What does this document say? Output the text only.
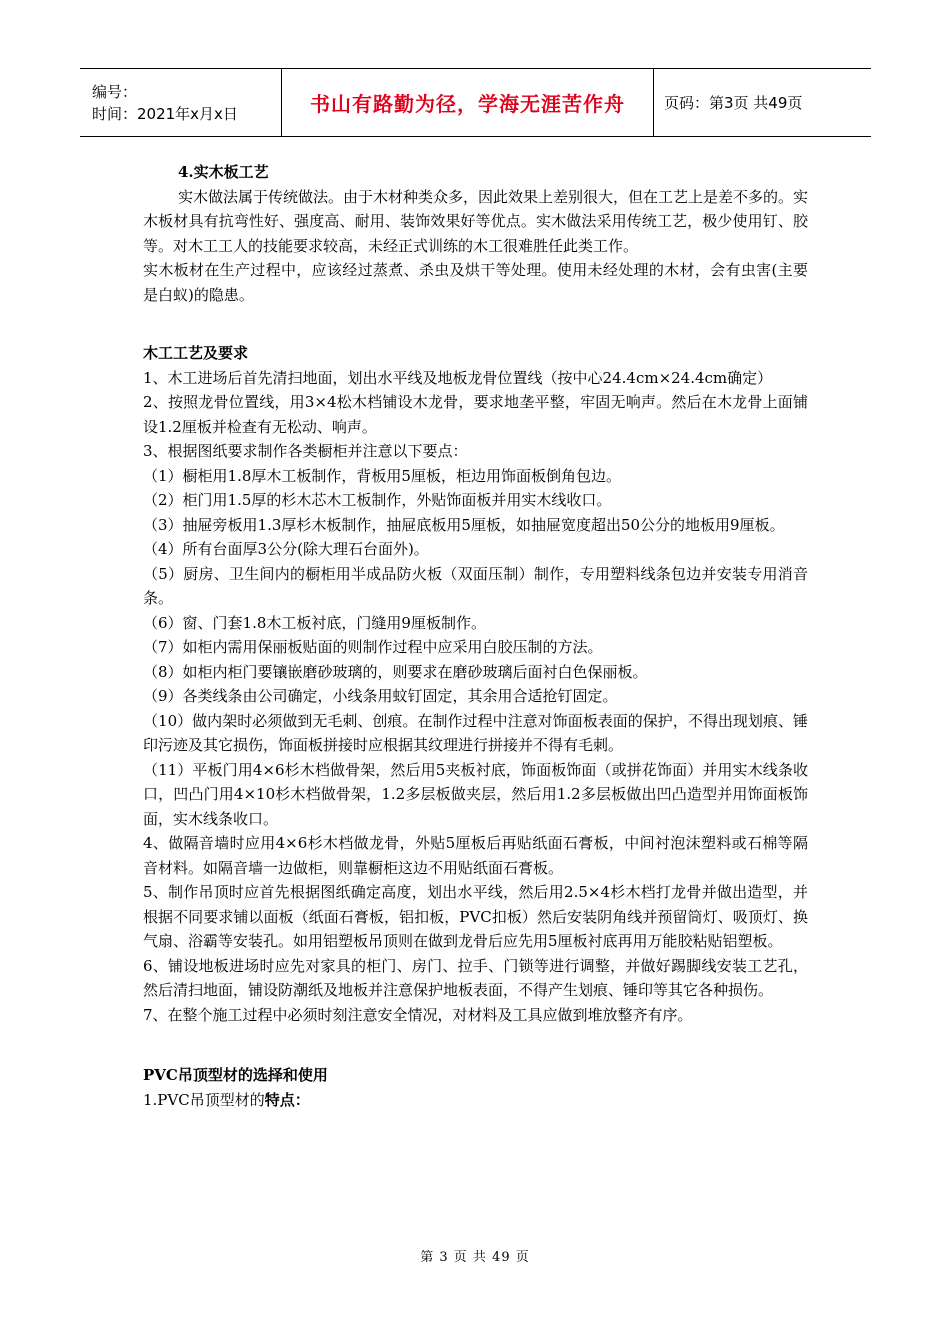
编号：
时间：2021年x月x日	书山有路勤为径，学海无涯苦作舟	页码：第3页 共49页

4.实木板工艺

实木做法属于传统做法。由于木材种类众多，因此效果上差别很大，但在工艺上是差不多的。实木板材具有抗弯性好、强度高、耐用、装饰效果好等优点。实木做法采用传统工艺，极少使用钉、胶等。对木工工人的技能要求较高，未经正式训练的木工很难胜任此类工作。

实木板材在生产过程中，应该经过蒸煮、杀虫及烘干等处理。使用未经处理的木材，会有虫害(主要是白蚁)的隐患。

木工工艺及要求

1、木工进场后首先清扫地面，划出水平线及地板龙骨位置线（按中心24.4cm×24.4cm确定）

2、按照龙骨位置线，用3×4松木档铺设木龙骨，要求地垄平整，牢固无响声。然后在木龙骨上面铺设1.2厘板并检查有无松动、响声。

3、根据图纸要求制作各类橱柜并注意以下要点：

（1）橱柜用1.8厚木工板制作，背板用5厘板，柜边用饰面板倒角包边。

（2）柜门用1.5厚的杉木芯木工板制作，外贴饰面板并用实木线收口。

（3）抽屉旁板用1.3厚杉木板制作，抽屉底板用5厘板，如抽屉宽度超出50公分的地板用9厘板。

（4）所有台面厚3公分(除大理石台面外)。

（5）厨房、卫生间内的橱柜用半成品防火板（双面压制）制作，专用塑料线条包边并安装专用消音条。

（6）窗、门套1.8木工板衬底，门缝用9厘板制作。

（7）如柜内需用保丽板贴面的则制作过程中应采用白胶压制的方法。

（8）如柜内柜门要镶嵌磨砂玻璃的，则要求在磨砂玻璃后面衬白色保丽板。

（9）各类线条由公司确定，小线条用蚊钉固定，其余用合适抢钉固定。

（10）做内架时必须做到无毛刺、创痕。在制作过程中注意对饰面板表面的保护，不得出现划痕、锤印污迹及其它损伤，饰面板拼接时应根据其纹理进行拼接并不得有毛刺。

（11）平板门用4×6杉木档做骨架，然后用5夹板衬底，饰面板饰面（或拼花饰面）并用实木线条收口，凹凸门用4×10杉木档做骨架，1.2多层板做夹层，然后用1.2多层板做出凹凸造型并用饰面板饰面，实木线条收口。

4、做隔音墙时应用4×6杉木档做龙骨，外贴5厘板后再贴纸面石膏板，中间衬泡沫塑料或石棉等隔音材料。如隔音墙一边做柜，则靠橱柜这边不用贴纸面石膏板。

5、制作吊顶时应首先根据图纸确定高度，划出水平线，然后用2.5×4杉木档打龙骨并做出造型，并根据不同要求铺以面板（纸面石膏板，铝扣板，PVC扣板）然后安装阴角线并预留筒灯、吸顶灯、换气扇、浴霸等安装孔。如用铝塑板吊顶则在做到龙骨后应先用5厘板衬底再用万能胶粘贴铝塑板。

6、铺设地板进场时应先对家具的柜门、房门、拉手、门锁等进行调整，并做好踢脚线安装工艺孔，然后清扫地面，铺设防潮纸及地板并注意保护地板表面，不得产生划痕、锤印等其它各种损伤。

7、在整个施工过程中必须时刻注意安全情况，对材料及工具应做到堆放整齐有序。

PVC吊顶型材的选择和使用

1.PVC吊顶型材的特点：

第 3 页 共 49 页
